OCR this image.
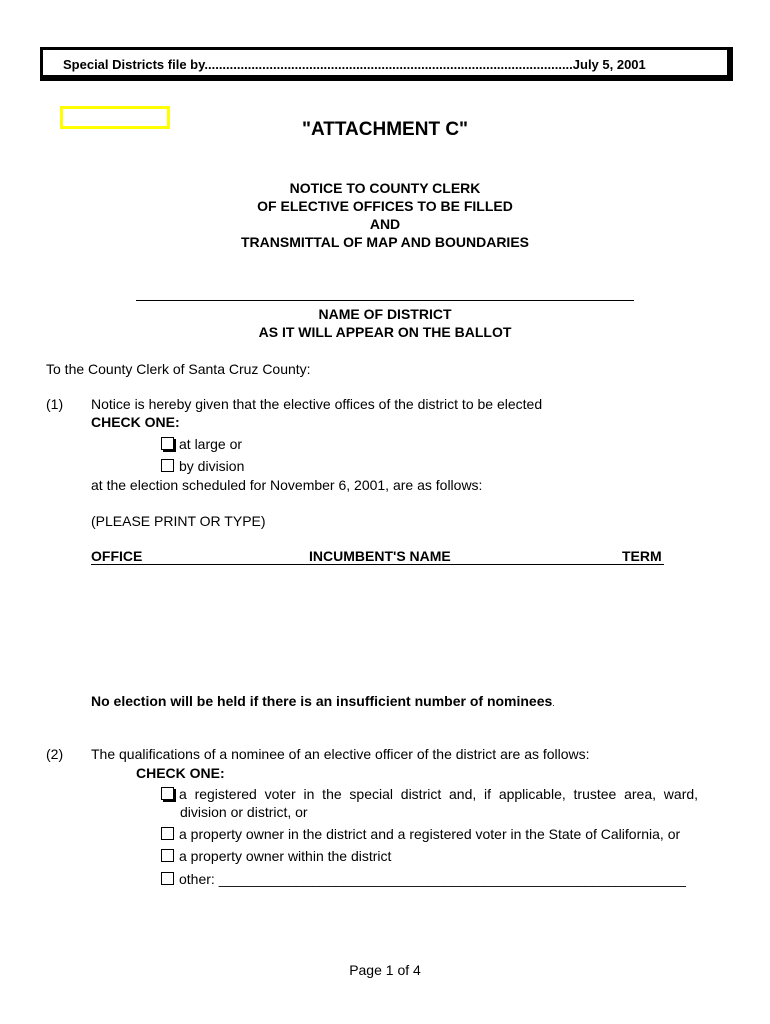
Special Districts file by......................................................................................................July 5, 2001
"ATTACHMENT C"
NOTICE TO COUNTY CLERK
OF ELECTIVE OFFICES TO BE FILLED
AND
TRANSMITTAL OF MAP AND BOUNDARIES
NAME OF DISTRICT
AS IT WILL APPEAR ON THE BALLOT
To the County Clerk of Santa Cruz County:
(1) Notice is hereby given that the elective offices of the district to be elected
CHECK ONE:
at large or
by division
at the election scheduled for November 6, 2001, are as follows:
(PLEASE PRINT OR TYPE)
OFFICE	INCUMBENT'S NAME	TERM
No election will be held if there is an insufficient number of nominees.
(2) The qualifications of a nominee of an elective officer of the district are as follows:
CHECK ONE:
a  registered  voter  in  the  special  district  and,  if  applicable,  trustee  area,  ward,
division or district, or
a property owner in the district and a registered voter in the State of California, or
a property owner within the district
other: ____________________________________________________________
Page 1 of 4
